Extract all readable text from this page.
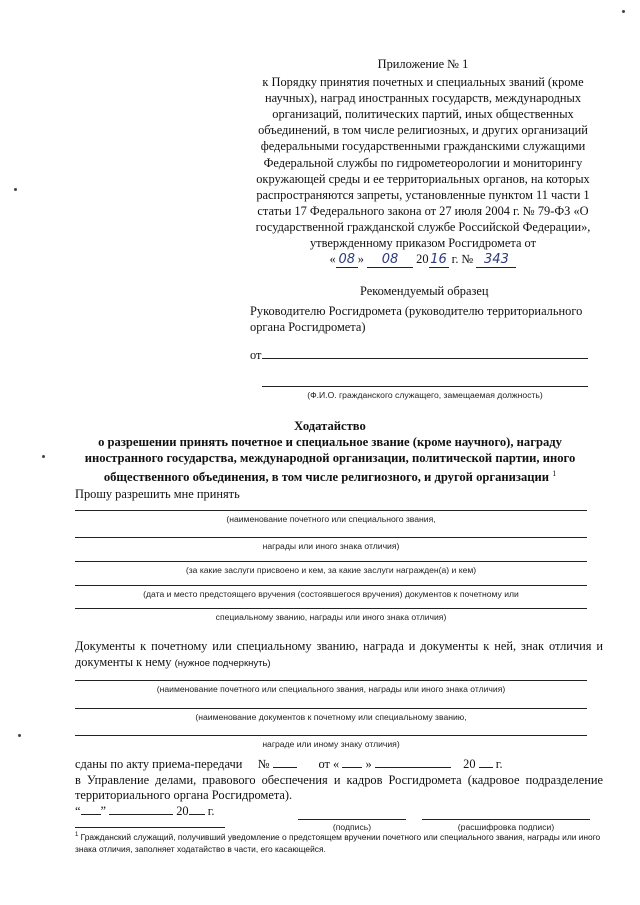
Приложение № 1
к Порядку принятия почетных и специальных званий (кроме научных), наград иностранных государств, международных организаций, политических партий, иных общественных объединений, в том числе религиозных, и других организаций федеральными государственными гражданскими служащими Федеральной службы по гидрометеорологии и мониторингу окружающей среды и ее территориальных органов, на которых распространяются запреты, установленные пунктом 11 части 1 статьи 17 Федерального закона от 27 июля 2004 г. № 79-ФЗ «О государственной гражданской службе Российской Федерации», утвержденному приказом Росгидромета от « 08 » 08 20 16 г. № 343
Рекомендуемый образец
Руководителю Росгидромета (руководителю территориального органа Росгидромета)
от
(Ф.И.О. гражданского служащего, замещаемая должность)
Ходатайство
о разрешении принять почетное и специальное звание (кроме научного), награду иностранного государства, международной организации, политической партии, иного общественного объединения, в том числе религиозного, и другой организации $^1$
Прошу разрешить мне принять
(наименование почетного или специального звания,
награды или иного знака отличия)
(за какие заслуги присвоено и кем, за какие заслуги награжден(а) и кем)
(дата и место предстоящего вручения (состоявшегося вручения) документов к почетному или
специальному званию, награды или иного знака отличия)
Документы к почетному или специальному званию, награда и документы к ней, знак отличия и документы к нему (нужное подчеркнуть)
(наименование почетного или специального звания, награды или иного знака отличия)
(наименование документов к почетному или специальному званию,
награде или иному знаку отличия)
сданы по акту приема-передачи №	от « »	20 г.
в Управление делами, правового обеспечения и кадров Росгидромета (кадровое подразделение территориального органа Росгидромета).
“ ”	20 г.
(подпись)	(расшифровка подписи)
$^1$ Гражданский служащий, получивший уведомление о предстоящем вручении почетного или специального звания, награды или иного знака отличия, заполняет ходатайство в части, его касающейся.
